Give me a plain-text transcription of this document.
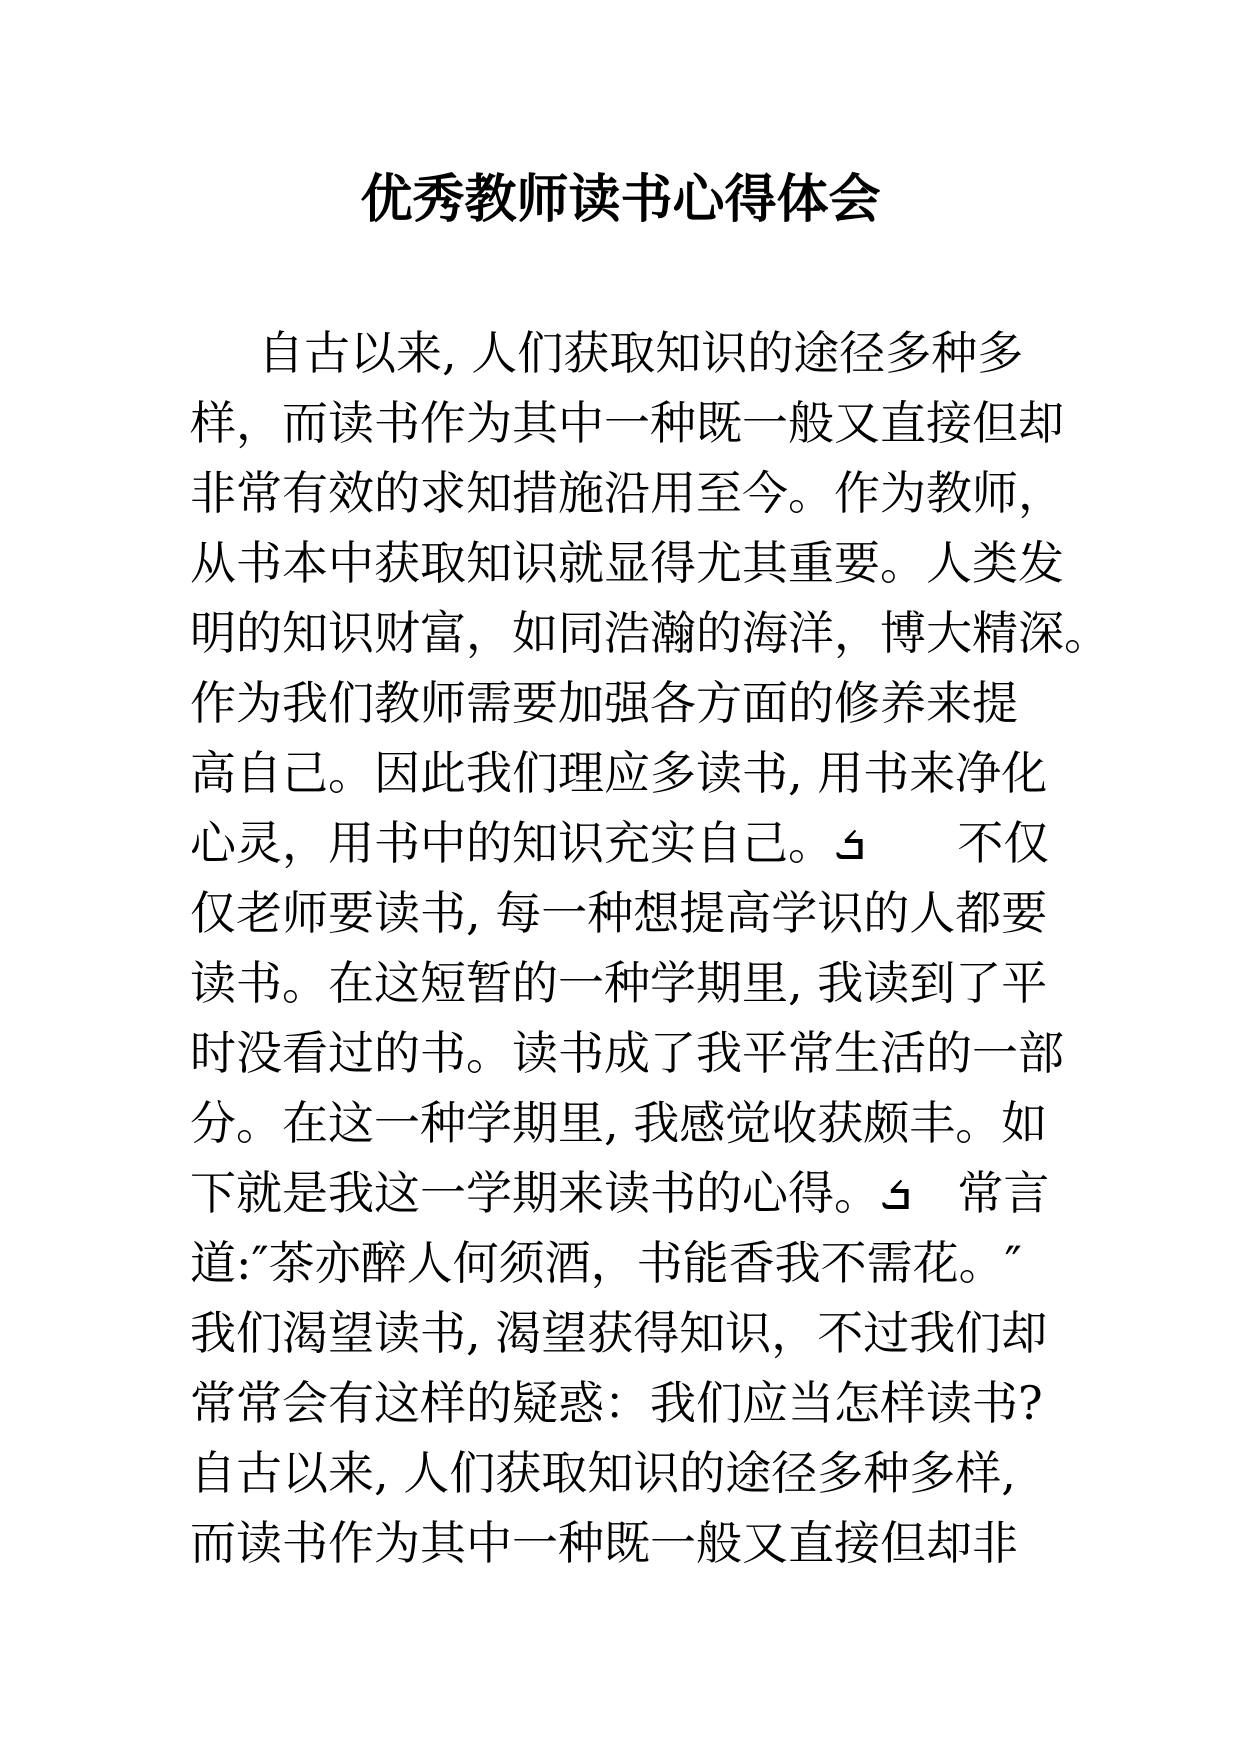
优秀教师读书心得体会
自古以来, 人们获取知识的途径多种多
样，而读书作为其中一种既一般又直接但却
非常有效的求知措施沿用至今。作为教师，
从书本中获取知识就显得尤其重要。人类发
明的知识财富，如同浩瀚的海洋，博大精深。
作为我们教师需要加强各方面的修养来提
高自己。因此我们理应多读书, 用书来净化
心灵，用书中的知识充实自己。ܭ　　不仅
仅老师要读书, 每一种想提高学识的人都要
读书。在这短暂的一种学期里, 我读到了平
时没看过的书。读书成了我平常生活的一部
分。在这一种学期里, 我感觉收获颇丰。如
下就是我这一学期来读书的心得。ܭ　常言
道:″茶亦醉人何须酒，书能香我不需花。″
我们渴望读书, 渴望获得知识，不过我们却
常常会有这样的疑惑：我们应当怎样读书?
自古以来, 人们获取知识的途径多种多样,
而读书作为其中一种既一般又直接但却非
